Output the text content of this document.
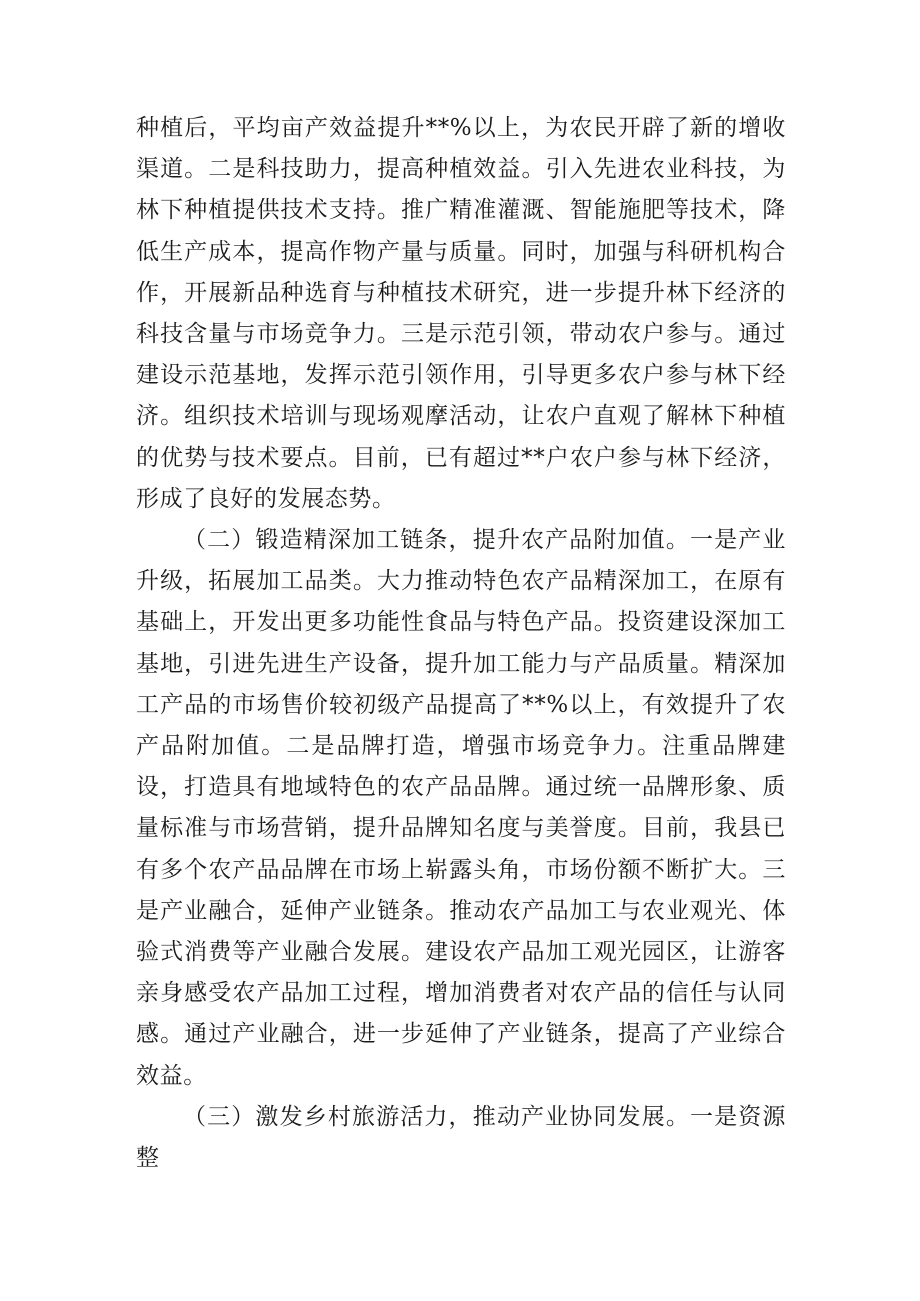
种植后，平均亩产效益提升**%以上，为农民开辟了新的增收渠道。二是科技助力，提高种植效益。引入先进农业科技，为林下种植提供技术支持。推广精准灌溉、智能施肥等技术，降低生产成本，提高作物产量与质量。同时，加强与科研机构合作，开展新品种选育与种植技术研究，进一步提升林下经济的科技含量与市场竞争力。三是示范引领，带动农户参与。通过建设示范基地，发挥示范引领作用，引导更多农户参与林下经济。组织技术培训与现场观摩活动，让农户直观了解林下种植的优势与技术要点。目前，已有超过**户农户参与林下经济，形成了良好的发展态势。

（二）锻造精深加工链条，提升农产品附加值。一是产业升级，拓展加工品类。大力推动特色农产品精深加工，在原有基础上，开发出更多功能性食品与特色产品。投资建设深加工基地，引进先进生产设备，提升加工能力与产品质量。精深加工产品的市场售价较初级产品提高了**%以上，有效提升了农产品附加值。二是品牌打造，增强市场竞争力。注重品牌建设，打造具有地域特色的农产品品牌。通过统一品牌形象、质量标准与市场营销，提升品牌知名度与美誉度。目前，我县已有多个农产品品牌在市场上崭露头角，市场份额不断扩大。三是产业融合，延伸产业链条。推动农产品加工与农业观光、体验式消费等产业融合发展。建设农产品加工观光园区，让游客亲身感受农产品加工过程，增加消费者对农产品的信任与认同感。通过产业融合，进一步延伸了产业链条，提高了产业综合效益。

（三）激发乡村旅游活力，推动产业协同发展。一是资源整
